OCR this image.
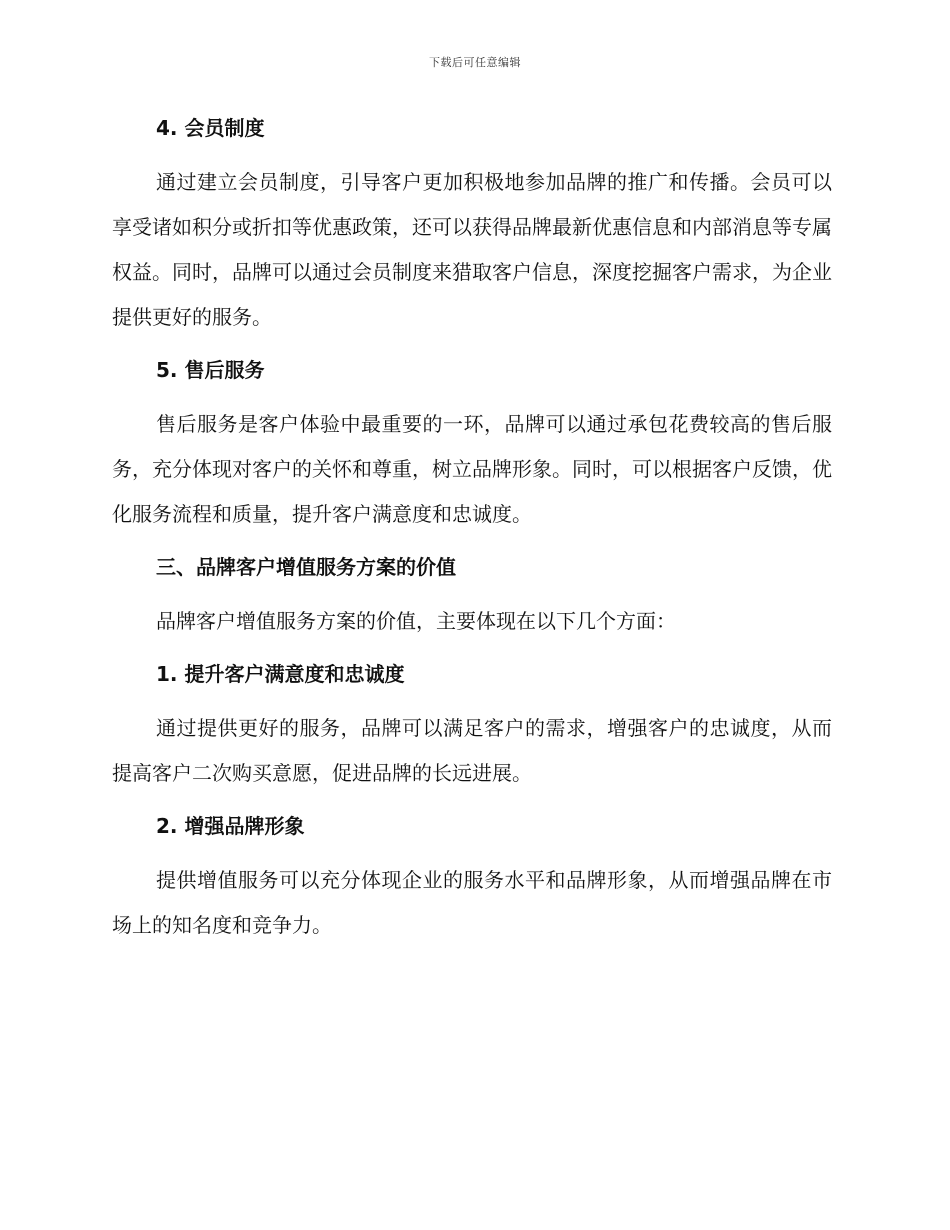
下载后可任意编辑
4. 会员制度

通过建立会员制度，引导客户更加积极地参加品牌的推广和传播。会员可以享受诸如积分或折扣等优惠政策，还可以获得品牌最新优惠信息和内部消息等专属权益。同时，品牌可以通过会员制度来猎取客户信息，深度挖掘客户需求，为企业提供更好的服务。

5. 售后服务

售后服务是客户体验中最重要的一环，品牌可以通过承包花费较高的售后服务，充分体现对客户的关怀和尊重，树立品牌形象。同时，可以根据客户反馈，优化服务流程和质量，提升客户满意度和忠诚度。

三、品牌客户增值服务方案的价值

品牌客户增值服务方案的价值，主要体现在以下几个方面：

1. 提升客户满意度和忠诚度

通过提供更好的服务，品牌可以满足客户的需求，增强客户的忠诚度，从而提高客户二次购买意愿，促进品牌的长远进展。

2. 增强品牌形象

提供增值服务可以充分体现企业的服务水平和品牌形象，从而增强品牌在市场上的知名度和竞争力。
